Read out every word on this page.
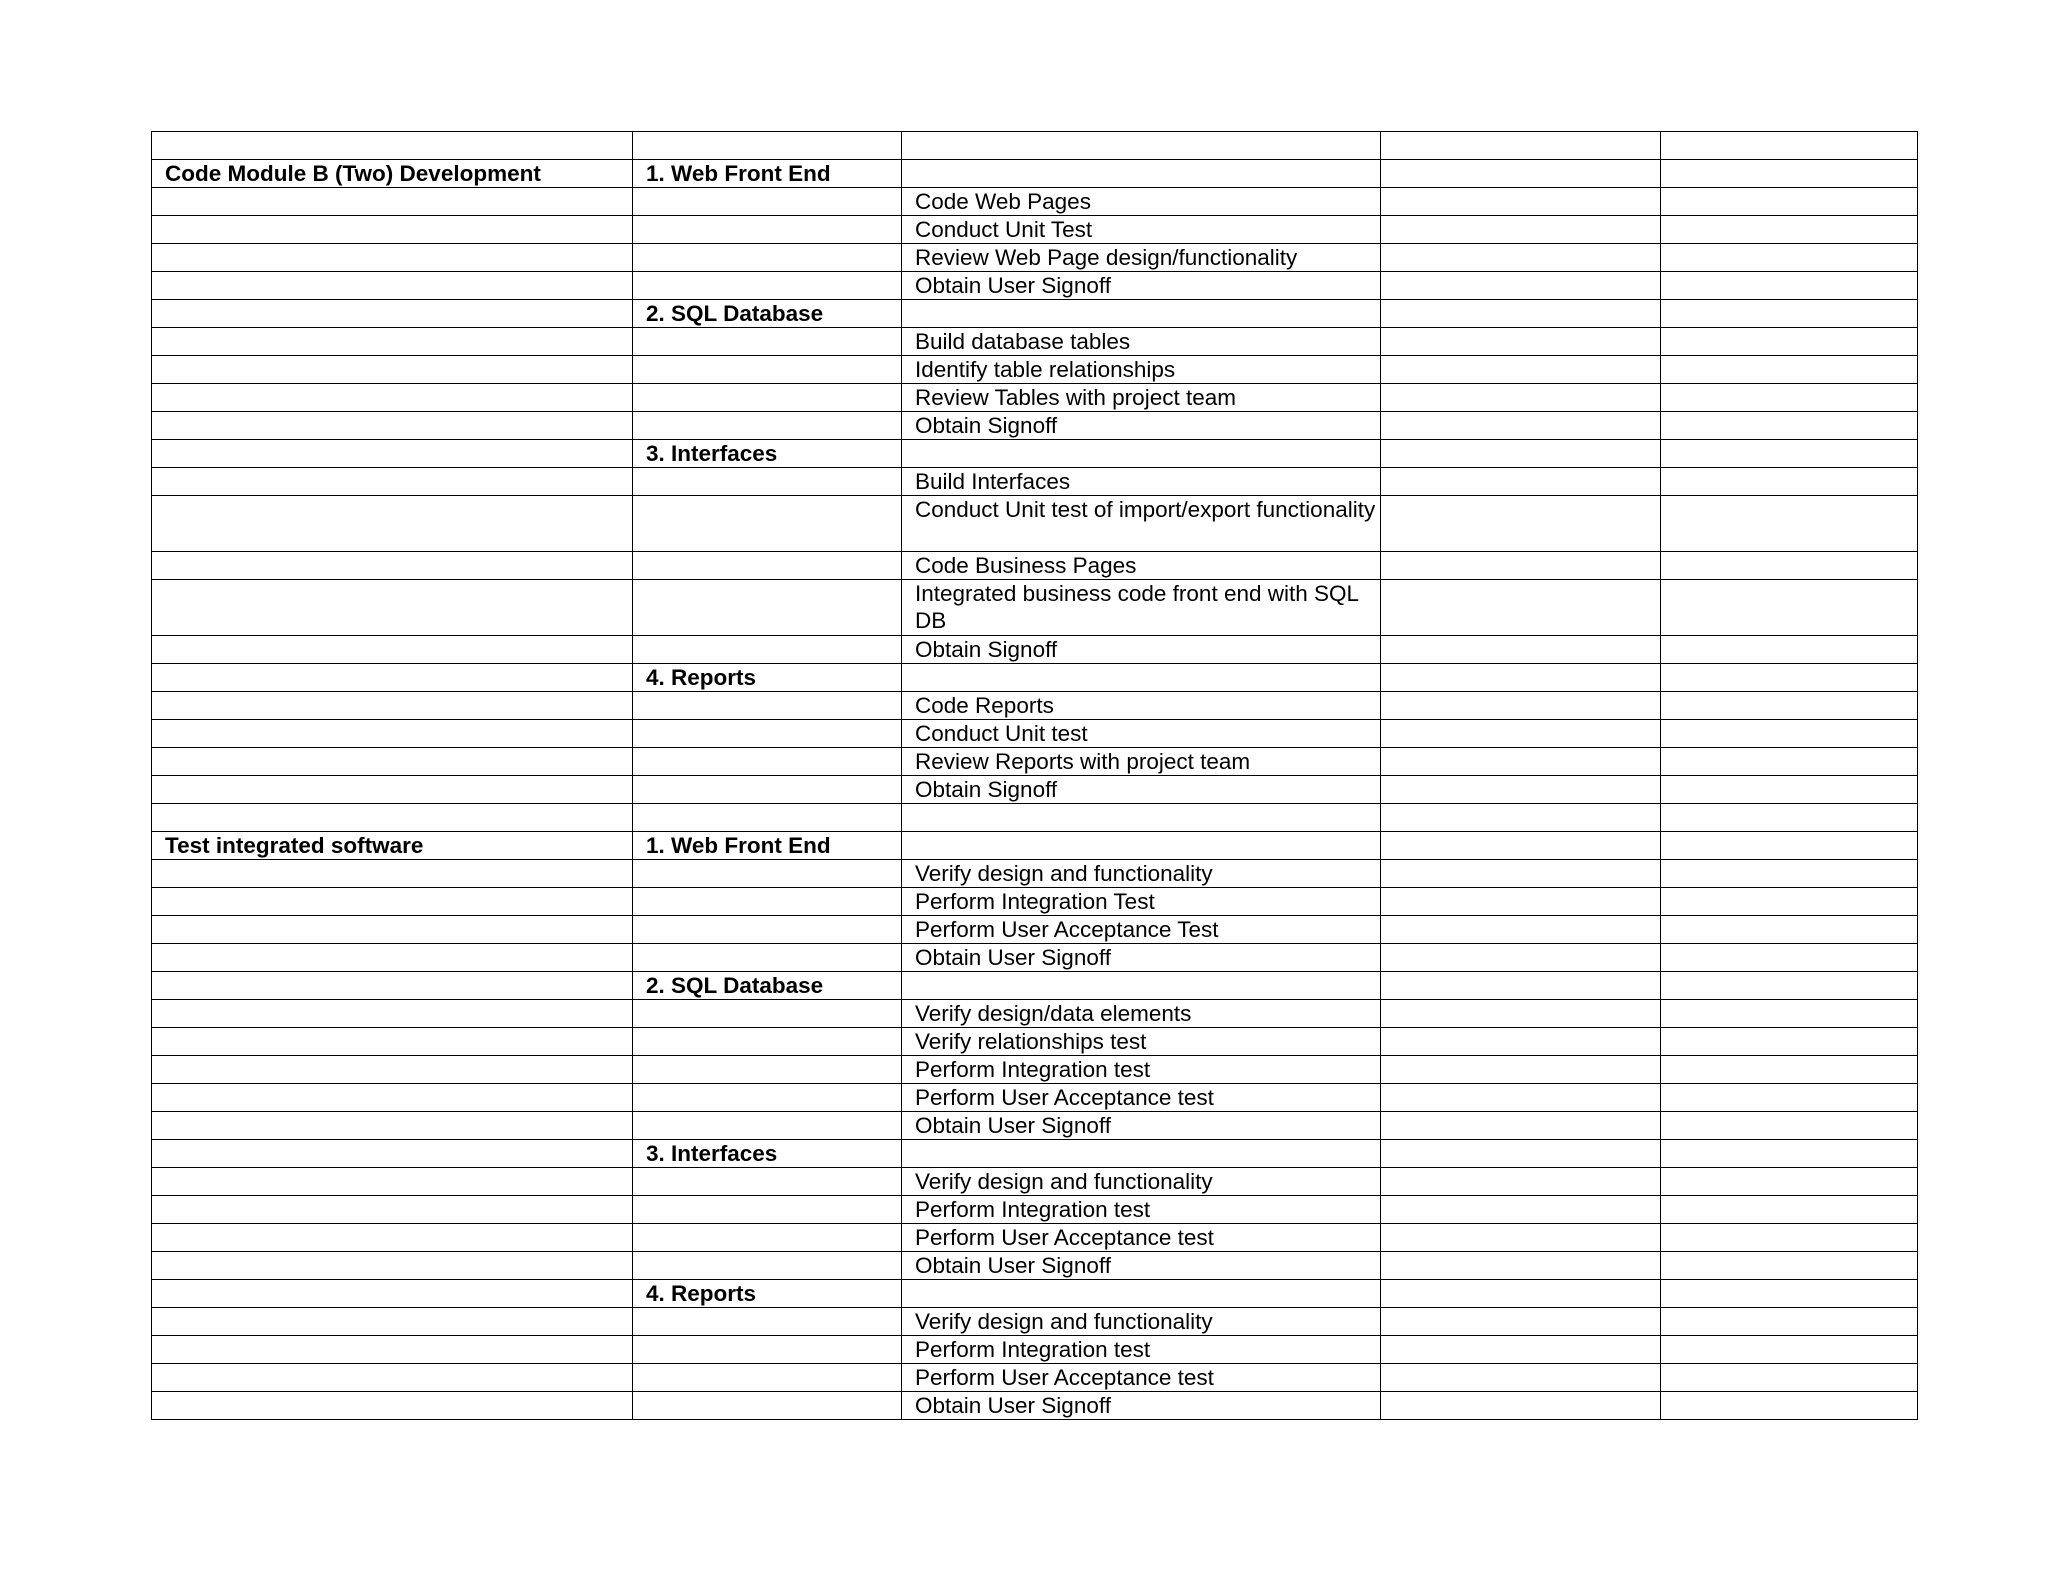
Code Module B (Two) Development	1. Web Front End			
		Code Web Pages		
		Conduct Unit Test		
		Review Web Page design/functionality		
		Obtain User Signoff		
	2. SQL Database			
		Build database tables		
		Identify table relationships		
		Review Tables with project team		
		Obtain Signoff		
	3. Interfaces			
		Build Interfaces		
		Conduct Unit test of import/export functionality		
		Code Business Pages		
		Integrated business code front end with SQL DB		
		Obtain Signoff		
	4. Reports			
		Code Reports		
		Conduct Unit test		
		Review Reports with project team		
		Obtain Signoff		

Test integrated software	1. Web Front End			
		Verify design and functionality		
		Perform Integration Test		
		Perform User Acceptance Test		
		Obtain User Signoff		
	2. SQL Database			
		Verify design/data elements		
		Verify relationships test		
		Perform Integration test		
		Perform User Acceptance test		
		Obtain User Signoff		
	3. Interfaces			
		Verify design and functionality		
		Perform Integration test		
		Perform User Acceptance test		
		Obtain User Signoff		
	4. Reports			
		Verify design and functionality		
		Perform Integration test		
		Perform User Acceptance test		
		Obtain User Signoff		
